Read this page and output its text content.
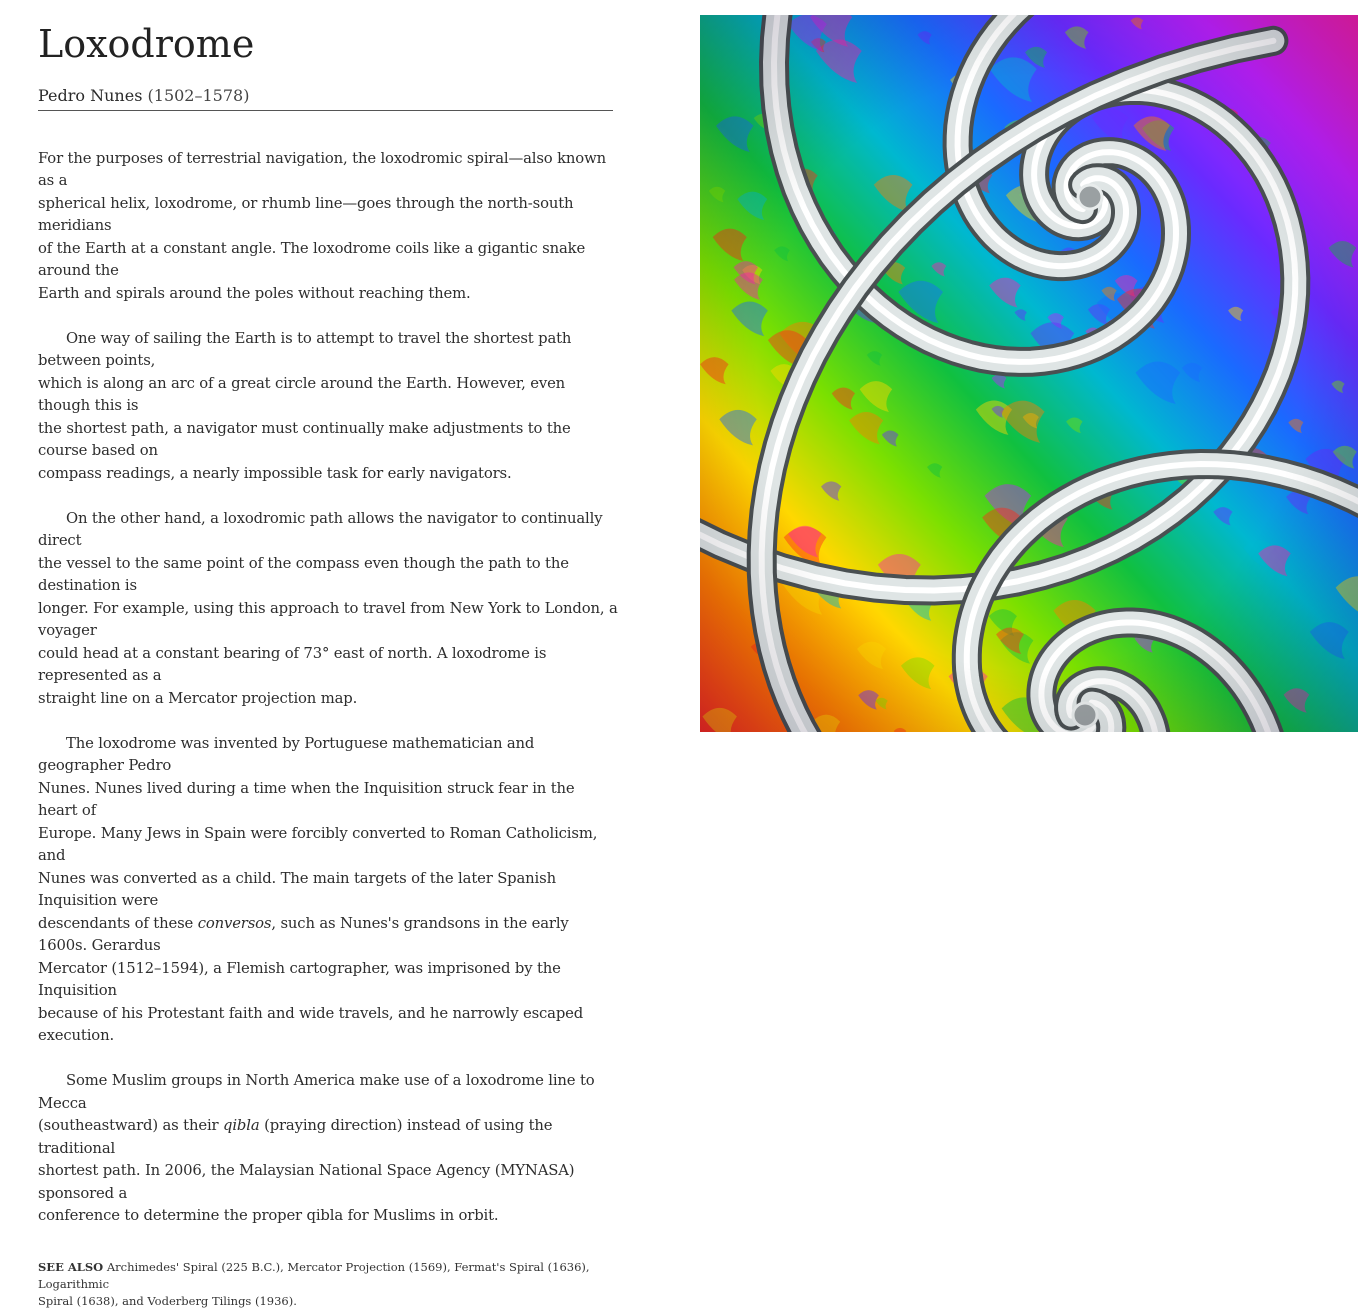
Loxodrome
Pedro Nunes (1502–1578)

For the purposes of terrestrial navigation, the loxodromic spiral—also known as a
spherical helix, loxodrome, or rhumb line—goes through the north-south meridians
of the Earth at a constant angle. The loxodrome coils like a gigantic snake around the
Earth and spirals around the poles without reaching them.

One way of sailing the Earth is to attempt to travel the shortest path between points,
which is along an arc of a great circle around the Earth. However, even though this is
the shortest path, a navigator must continually make adjustments to the course based on
compass readings, a nearly impossible task for early navigators.

On the other hand, a loxodromic path allows the navigator to continually direct
the vessel to the same point of the compass even though the path to the destination is
longer. For example, using this approach to travel from New York to London, a voyager
could head at a constant bearing of 73° east of north. A loxodrome is represented as a
straight line on a Mercator projection map.

The loxodrome was invented by Portuguese mathematician and geographer Pedro
Nunes. Nunes lived during a time when the Inquisition struck fear in the heart of
Europe. Many Jews in Spain were forcibly converted to Roman Catholicism, and
Nunes was converted as a child. The main targets of the later Spanish Inquisition were
descendants of these conversos, such as Nunes's grandsons in the early 1600s. Gerardus
Mercator (1512–1594), a Flemish cartographer, was imprisoned by the Inquisition
because of his Protestant faith and wide travels, and he narrowly escaped execution.

Some Muslim groups in North America make use of a loxodrome line to Mecca
(southeastward) as their qibla (praying direction) instead of using the traditional
shortest path. In 2006, the Malaysian National Space Agency (MYNASA) sponsored a
conference to determine the proper qibla for Muslims in orbit.

SEE ALSO Archimedes' Spiral (225 B.C.), Mercator Projection (1569), Fermat's Spiral (1636), Logarithmic
Spiral (1638), and Voderberg Tilings (1936).
